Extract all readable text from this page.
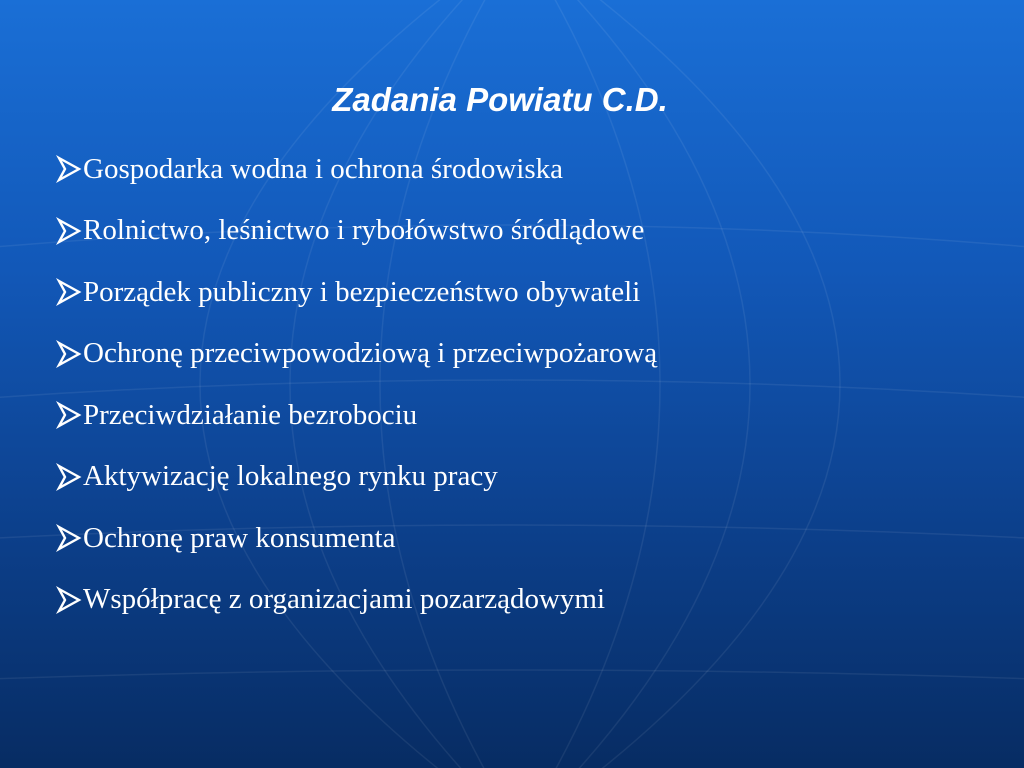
Zadania Powiatu C.D.
Gospodarka wodna i ochrona środowiska
Rolnictwo, leśnictwo i rybołówstwo śródlądowe
Porządek publiczny i bezpieczeństwo obywateli
Ochronę przeciwpowodziową i przeciwpożarową
Przeciwdziałanie bezrobociu
Aktywizację lokalnego rynku pracy
Ochronę praw konsumenta
Współpracę z organizacjami pozarządowymi
